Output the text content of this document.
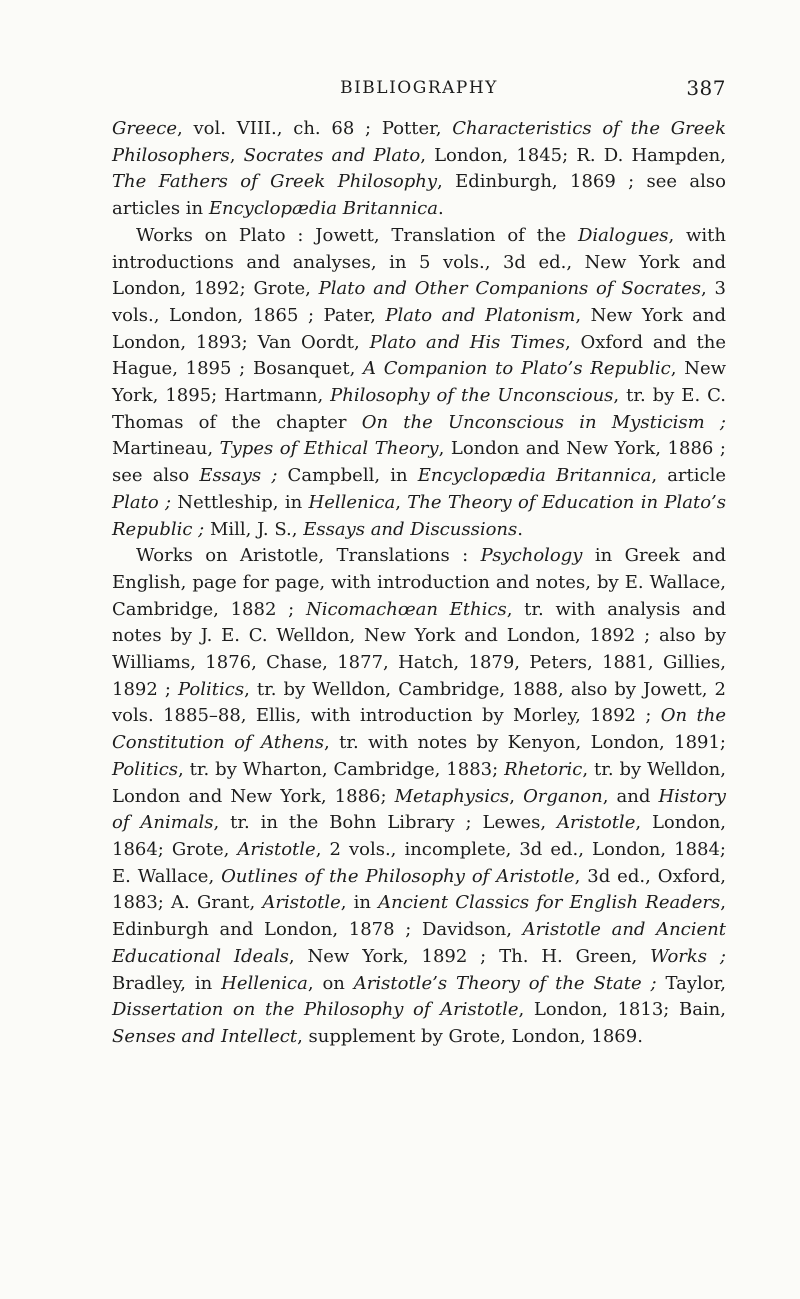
BIBLIOGRAPHY	387

Greece, vol. VIII., ch. 68 ; Potter, Characteristics of the Greek Philosophers, Socrates and Plato, London, 1845; R. D. Hampden, The Fathers of Greek Philosophy, Edinburgh, 1869 ; see also articles in Encyclopædia Britannica.

Works on Plato : Jowett, Translation of the Dialogues, with introductions and analyses, in 5 vols., 3d ed., New York and London, 1892; Grote, Plato and Other Companions of Socrates, 3 vols., London, 1865 ; Pater, Plato and Platonism, New York and London, 1893; Van Oordt, Plato and His Times, Oxford and the Hague, 1895 ; Bosanquet, A Companion to Plato’s Republic, New York, 1895; Hartmann, Philosophy of the Unconscious, tr. by E. C. Thomas of the chapter On the Unconscious in Mysticism ; Martineau, Types of Ethical Theory, London and New York, 1886 ; see also Essays ; Campbell, in Encyclopædia Britannica, article Plato ; Nettleship, in Hellenica, The Theory of Education in Plato’s Republic ; Mill, J. S., Essays and Discussions.

Works on Aristotle, Translations : Psychology in Greek and English, page for page, with introduction and notes, by E. Wallace, Cambridge, 1882 ; Nicomachœan Ethics, tr. with analysis and notes by J. E. C. Welldon, New York and London, 1892 ; also by Williams, 1876, Chase, 1877, Hatch, 1879, Peters, 1881, Gillies, 1892 ; Politics, tr. by Welldon, Cambridge, 1888, also by Jowett, 2 vols. 1885–88, Ellis, with introduction by Morley, 1892 ; On the Constitution of Athens, tr. with notes by Kenyon, London, 1891; Politics, tr. by Wharton, Cambridge, 1883; Rhetoric, tr. by Welldon, London and New York, 1886; Metaphysics, Organon, and History of Animals, tr. in the Bohn Library ; Lewes, Aristotle, London, 1864; Grote, Aristotle, 2 vols., incomplete, 3d ed., London, 1884; E. Wallace, Outlines of the Philosophy of Aristotle, 3d ed., Oxford, 1883; A. Grant, Aristotle, in Ancient Classics for English Readers, Edinburgh and London, 1878 ; Davidson, Aristotle and Ancient Educational Ideals, New York, 1892 ; Th. H. Green, Works ; Bradley, in Hellenica, on Aristotle’s Theory of the State ; Taylor, Dissertation on the Philosophy of Aristotle, London, 1813; Bain, Senses and Intellect, supplement by Grote, London, 1869.
